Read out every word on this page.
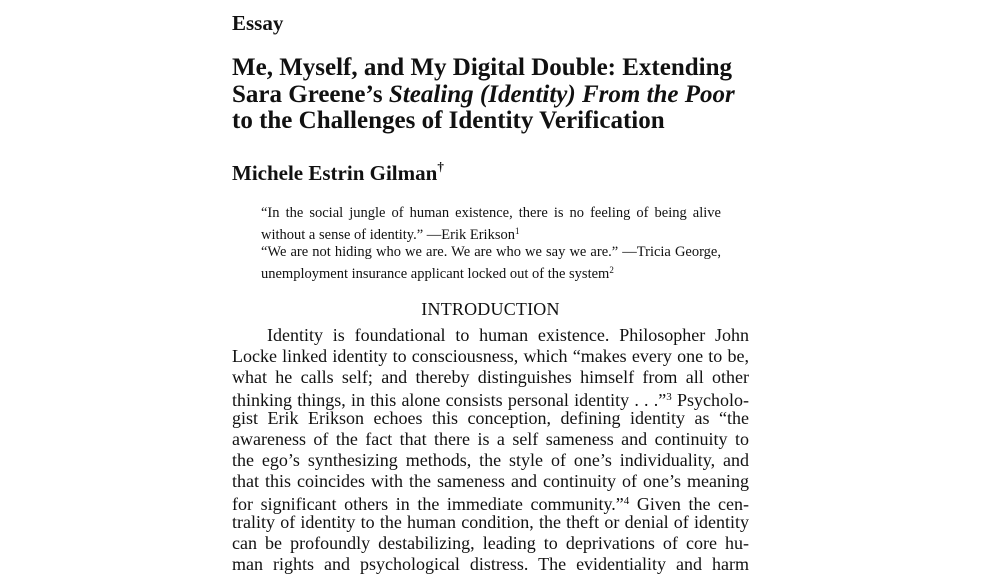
Essay
Me, Myself, and My Digital Double: Extending
Sara Greene’s Stealing (Identity) From the Poor
to the Challenges of Identity Verification
Michele Estrin Gilman†

“In the social jungle of human existence, there is no feeling of being alive without a sense of identity.” —Erik Erikson$^1$

“We are not hiding who we are. We are who we say we are.” —Tricia George, unemployment insurance applicant locked out of the system$^2$

INTRODUCTION
Identity is foundational to human existence. Philosopher John
Locke linked identity to consciousness, which “makes every one to be,
what he calls self; and thereby distinguishes himself from all other
thinking things, in this alone consists personal identity . . .”$^3$ Psycholo-
gist Erik Erikson echoes this conception, defining identity as “the
awareness of the fact that there is a self sameness and continuity to
the ego’s synthesizing methods, the style of one’s individuality, and
that this coincides with the sameness and continuity of one’s meaning
for significant others in the immediate community.”$^4$ Given the cen-
trality of identity to the human condition, the theft or denial of identity
can be profoundly destabilizing, leading to deprivations of core hu-
man rights and psychological distress. The evidentiality and harm
